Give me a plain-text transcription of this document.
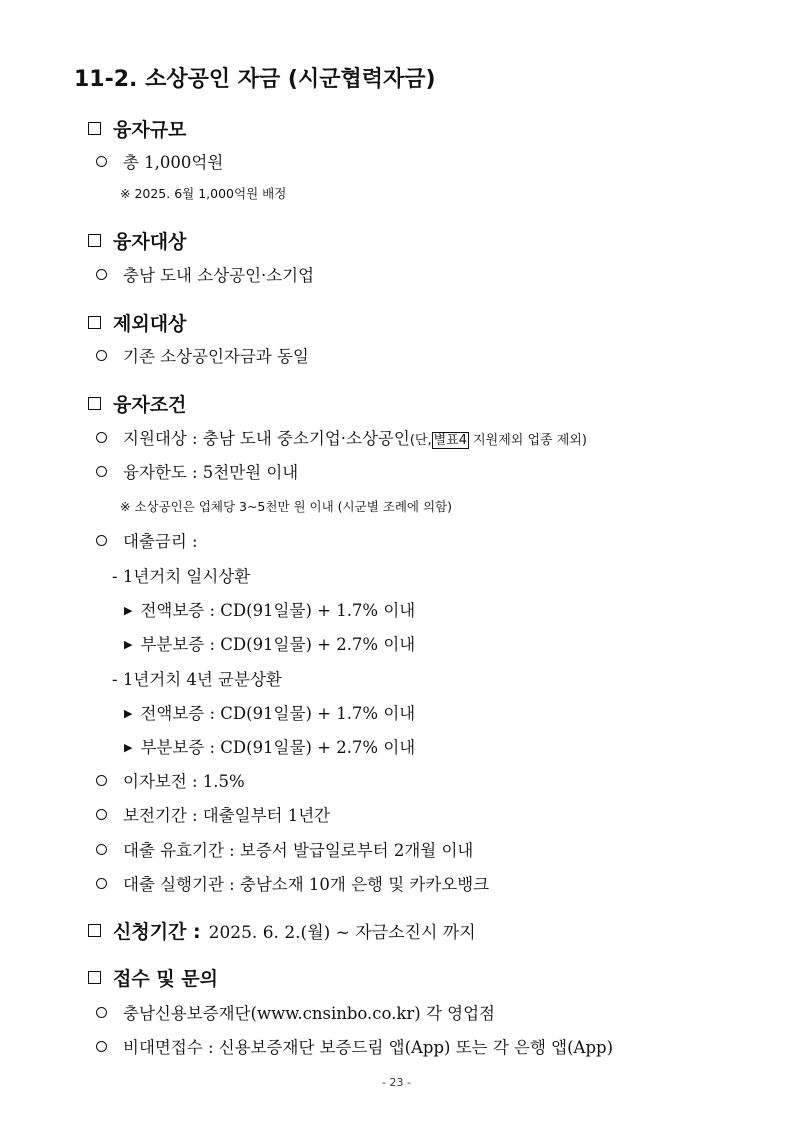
11-2. 소상공인 자금 (시군협력자금)
융자규모
총 1,000억원
※ 2025. 6월 1,000억원 배정
융자대상
충남 도내 소상공인·소기업
제외대상
기존 소상공인자금과 동일
융자조건
지원대상 : 충남 도내 중소기업·소상공인(단, 별표4 지원제외 업종 제외)
융자한도 : 5천만원 이내
※ 소상공인은 업체당 3~5천만 원 이내 (시군별 조례에 의함)
대출금리 :
- 1년거치 일시상환
▶ 전액보증 : CD(91일물) + 1.7% 이내
▶ 부분보증 : CD(91일물) + 2.7% 이내
- 1년거치 4년 균분상환
▶ 전액보증 : CD(91일물) + 1.7% 이내
▶ 부분보증 : CD(91일물) + 2.7% 이내
이자보전 : 1.5%
보전기간 : 대출일부터 1년간
대출 유효기간 : 보증서 발급일로부터 2개월 이내
대출 실행기관 : 충남소재 10개 은행 및 카카오뱅크
신청기간 : 2025. 6. 2.(월) ~ 자금소진시 까지
접수 및 문의
충남신용보증재단(www.cnsinbo.co.kr) 각 영업점
비대면접수 : 신용보증재단 보증드림 앱(App) 또는 각 은행 앱(App)
- 23 -
